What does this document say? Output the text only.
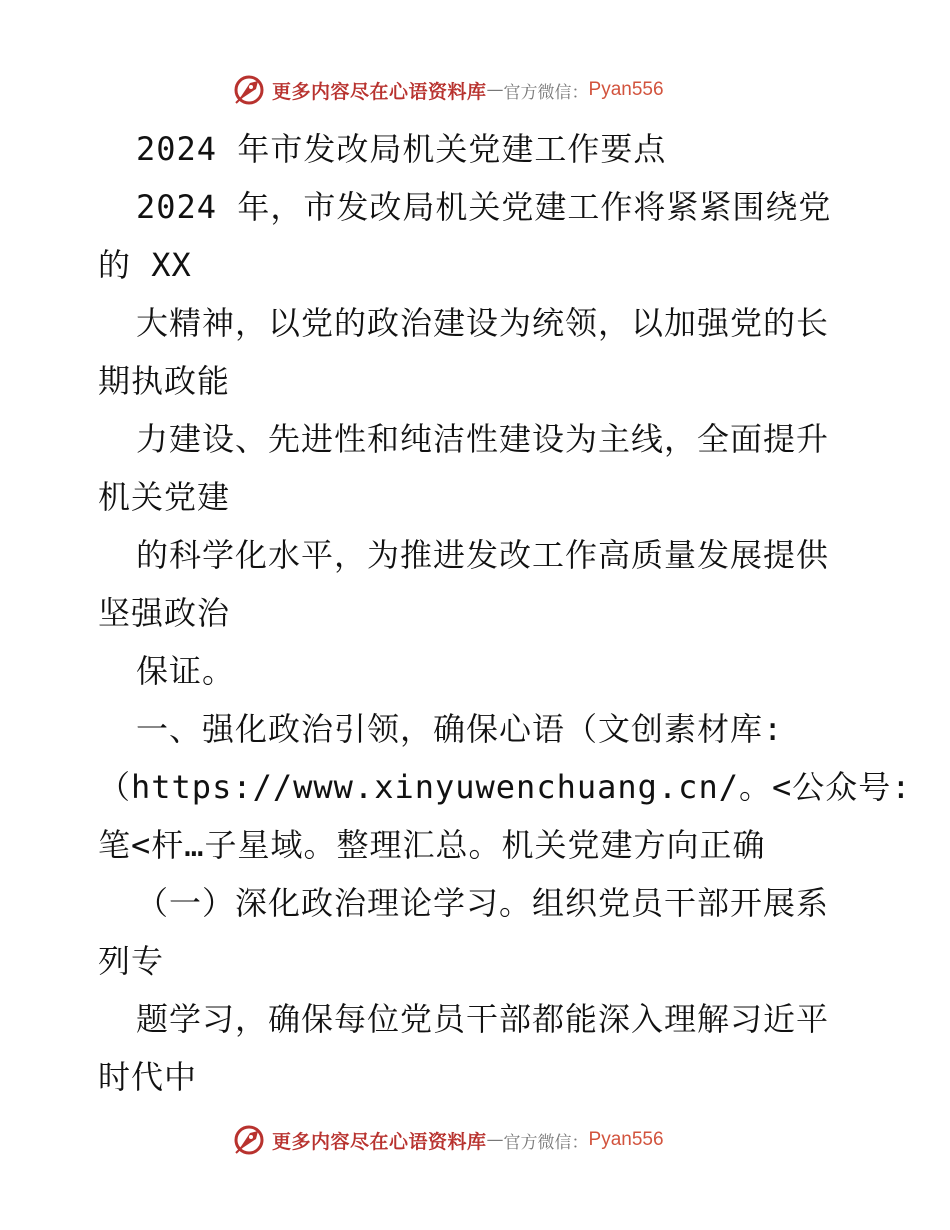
更多内容尽在心语资料库 — 官方微信： Pyan556
2024 年市发改局机关党建工作要点
2024 年，市发改局机关党建工作将紧紧围绕党
的 XX
大精神，以党的政治建设为统领，以加强党的长
期执政能
力建设、先进性和纯洁性建设为主线，全面提升
机关党建
的科学化水平，为推进发改工作高质量发展提供
坚强政治
保证。
一、强化政治引领，确保心语（文创素材库:
（https://www.xinyuwenchuang.cn/。<公众号:
笔<杆…子星域。整理汇总。机关党建方向正确
（一）深化政治理论学习。组织党员干部开展系
列专
题学习，确保每位党员干部都能深入理解习近平
时代中
更多内容尽在心语资料库 — 官方微信： Pyan556
